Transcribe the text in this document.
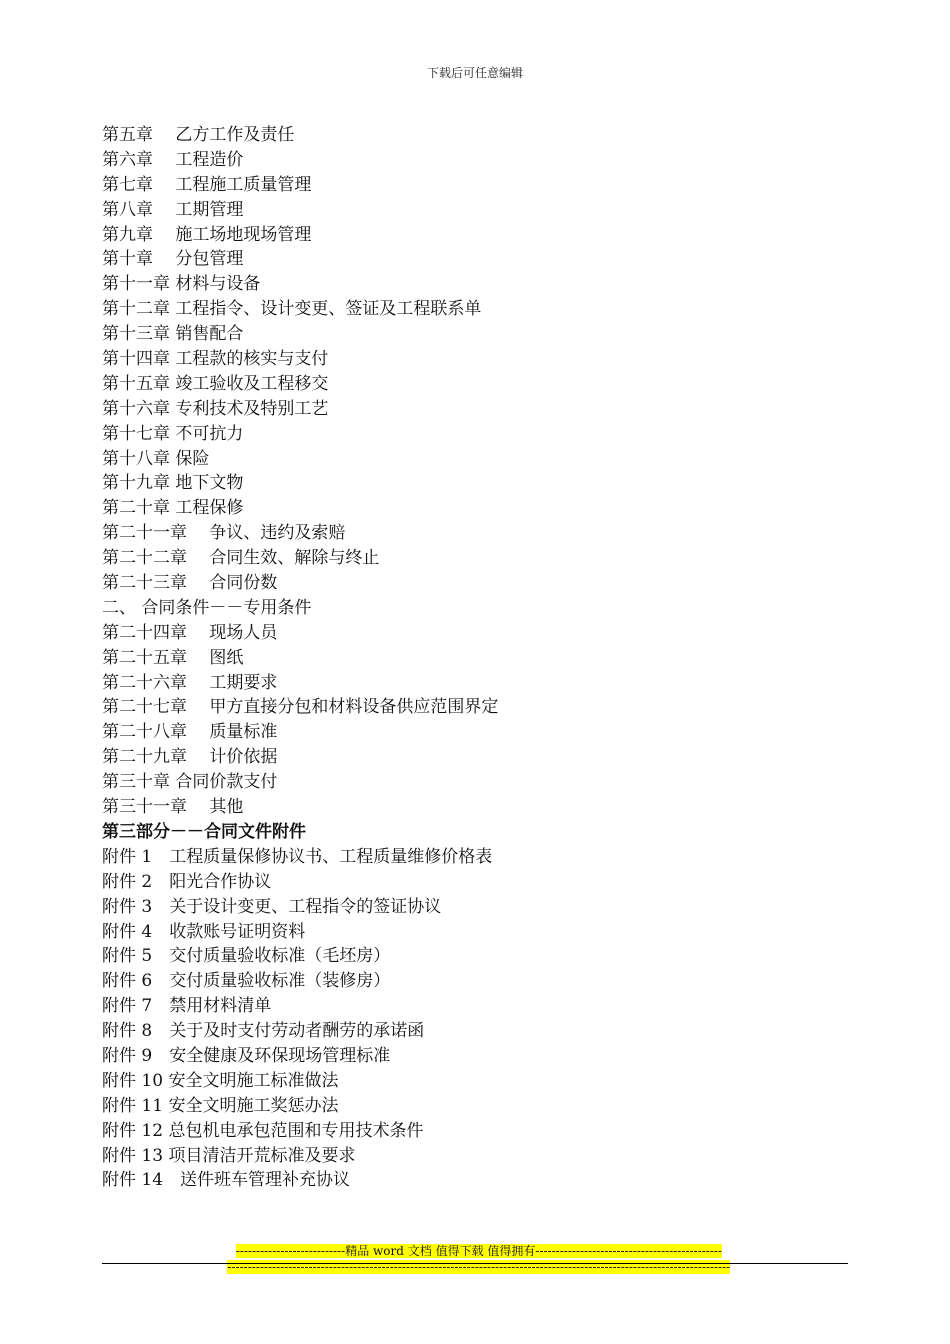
下载后可任意编辑
第五章　 乙方工作及责任
第六章　 工程造价
第七章　 工程施工质量管理
第八章　 工期管理
第九章　 施工场地现场管理
第十章　 分包管理
第十一章 材料与设备
第十二章 工程指令、设计变更、签证及工程联系单
第十三章 销售配合
第十四章 工程款的核实与支付
第十五章 竣工验收及工程移交
第十六章 专利技术及特别工艺
第十七章 不可抗力
第十八章 保险
第十九章 地下文物
第二十章 工程保修
第二十一章　 争议、违约及索赔
第二十二章　 合同生效、解除与终止
第二十三章　 合同份数
二、 合同条件－－专用条件
第二十四章　 现场人员
第二十五章　 图纸
第二十六章　 工期要求
第二十七章　 甲方直接分包和材料设备供应范围界定
第二十八章　 质量标准
第二十九章　 计价依据
第三十章 合同价款支付
第三十一章　 其他
第三部分－－合同文件附件
附件 1　工程质量保修协议书、工程质量维修价格表
附件 2　阳光合作协议
附件 3　关于设计变更、工程指令的签证协议
附件 4　收款账号证明资料
附件 5　交付质量验收标准（毛坯房）
附件 6　交付质量验收标准（装修房）
附件 7　禁用材料清单
附件 8　关于及时支付劳动者酬劳的承诺函
附件 9　安全健康及环保现场管理标准
附件 10 安全文明施工标准做法
附件 11 安全文明施工奖惩办法
附件 12 总包机电承包范围和专用技术条件
附件 13 项目清洁开荒标准及要求
附件 14　送件班车管理补充协议

---------------------------精品 word 文档 值得下载 值得拥有----------------------------------------------

----------------------------------------------------------------------------------------------------------------------------
